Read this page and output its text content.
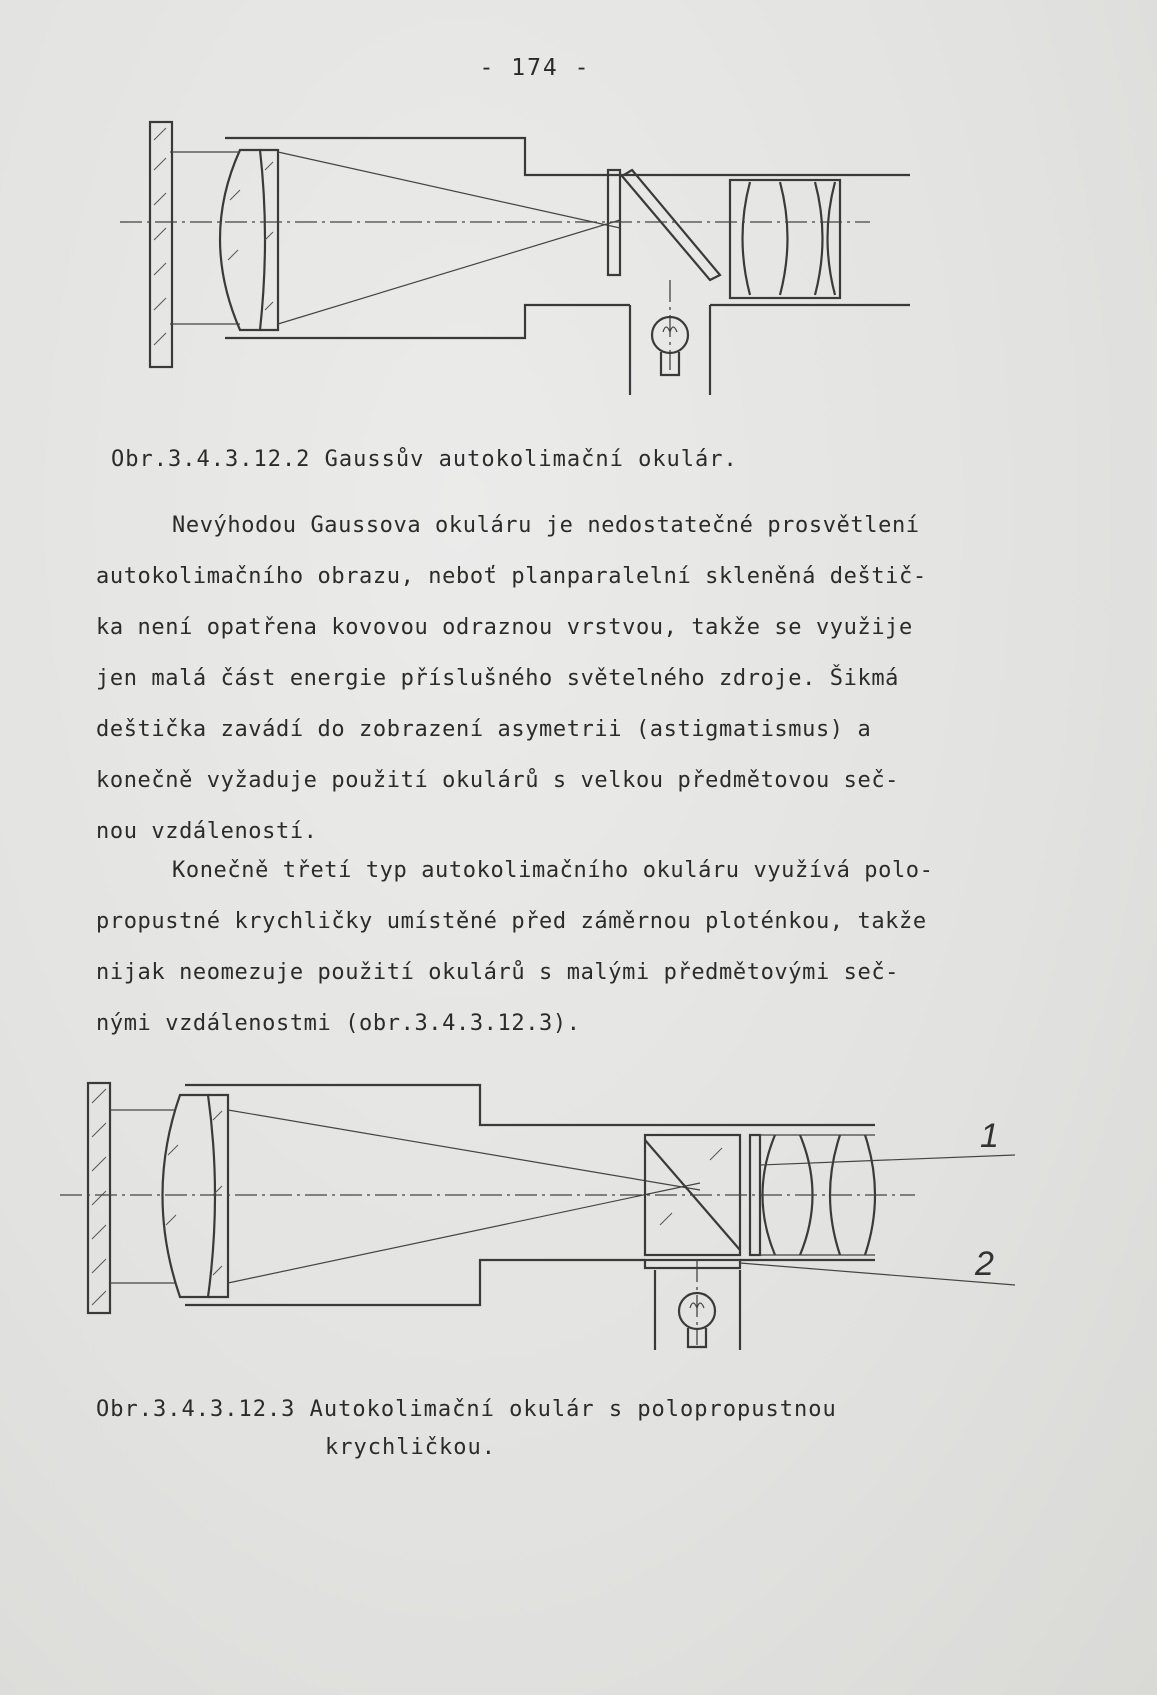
- 174 -
Obr.3.4.3.12.2 Gaussův autokolimační okulár.
Nevýhodou Gaussova okuláru je nedostatečné prosvětlení
autokolimačního obrazu, neboť planparalelní skleněná deštič-
ka není opatřena kovovou odraznou vrstvou, takže se využije
jen malá část energie příslušného světelného zdroje. Šikmá
deštička zavádí do zobrazení asymetrii (astigmatismus) a
konečně vyžaduje použití okulárů s velkou předmětovou seč-
nou vzdáleností.
Konečně třetí typ autokolimačního okuláru využívá polo-
propustné krychličky umístěné před záměrnou ploténkou, takže
nijak neomezuje použití okulárů s malými předmětovými seč-
nými vzdálenostmi (obr.3.4.3.12.3).
1
2
Obr.3.4.3.12.3 Autokolimační okulár s polopropustnou
krychličkou.
